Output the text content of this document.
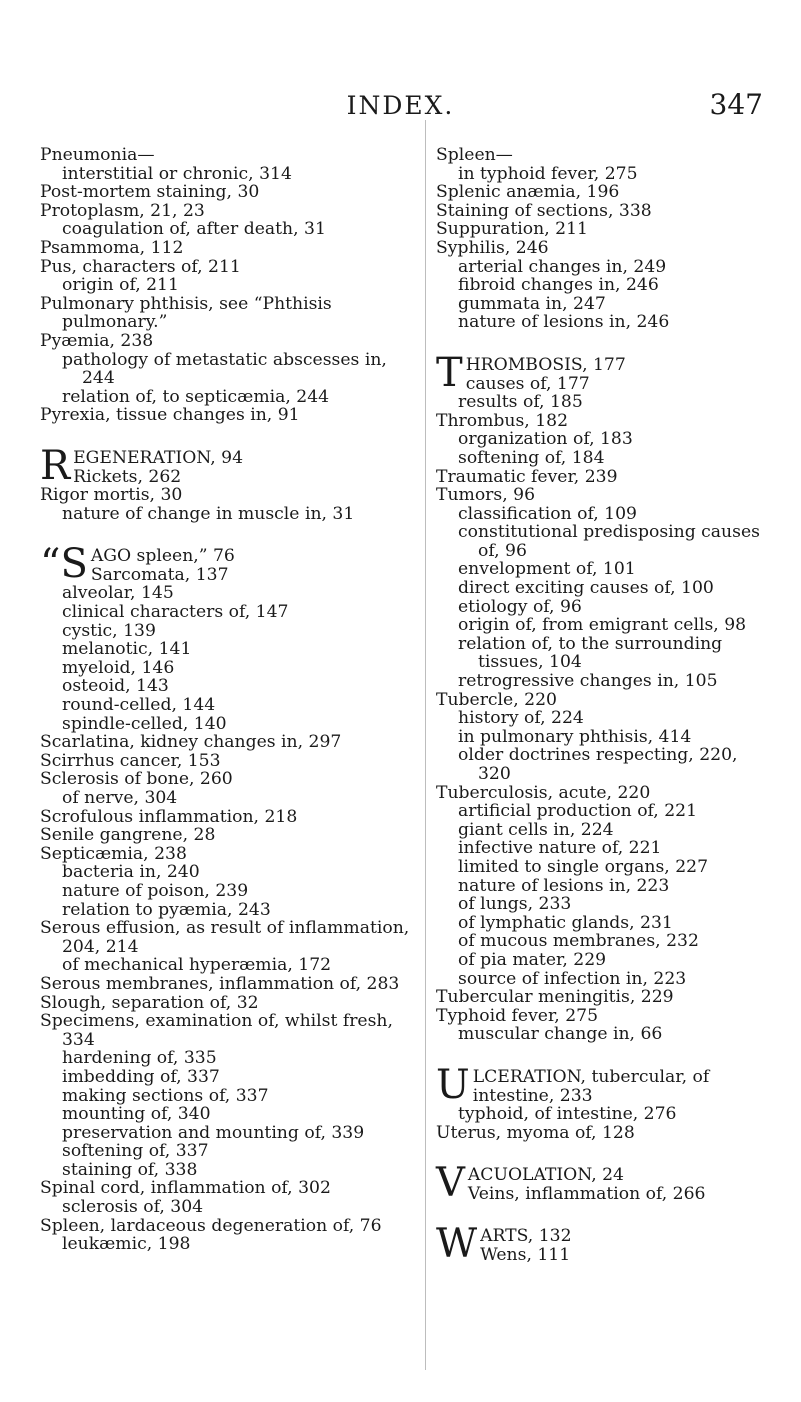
INDEX.	347

Pneumonia—

interstitial or chronic, 314

Post-mortem staining, 30

Protoplasm, 21, 23

coagulation of, after death, 31

Psammoma, 112

Pus, characters of, 211

origin of, 211

Pulmonary phthisis, see “Phthisis pulmonary.”

Pyæmia, 238

pathology of metastatic abscesses in, 244

relation of, to septicæmia, 244

Pyrexia, tissue changes in, 91

R EGENERATION, 94
Rickets, 262

Rigor mortis, 30

nature of change in muscle in, 31

“S AGO spleen,” 76
Sarcomata, 137

alveolar, 145

clinical characters of, 147

cystic, 139

melanotic, 141

myeloid, 146

osteoid, 143

round-celled, 144

spindle-celled, 140

Scarlatina, kidney changes in, 297

Scirrhus cancer, 153

Sclerosis of bone, 260

of nerve, 304

Scrofulous inflammation, 218

Senile gangrene, 28

Septicæmia, 238

bacteria in, 240

nature of poison, 239

relation to pyæmia, 243

Serous effusion, as result of inflammation, 204, 214

of mechanical hyperæmia, 172

Serous membranes, inflammation of, 283

Slough, separation of, 32

Specimens, examination of, whilst fresh, 334

hardening of, 335

imbedding of, 337

making sections of, 337

mounting of, 340

preservation and mounting of, 339

softening of, 337

staining of, 338

Spinal cord, inflammation of, 302

sclerosis of, 304

Spleen, lardaceous degeneration of, 76

leukæmic, 198

Spleen—

in typhoid fever, 275

Splenic anæmia, 196

Staining of sections, 338

Suppuration, 211

Syphilis, 246

arterial changes in, 249

fibroid changes in, 246

gummata in, 247

nature of lesions in, 246

T HROMBOSIS, 177
causes of, 177

results of, 185

Thrombus, 182

organization of, 183

softening of, 184

Traumatic fever, 239

Tumors, 96

classification of, 109

constitutional predisposing causes of, 96

envelopment of, 101

direct exciting causes of, 100

etiology of, 96

origin of, from emigrant cells, 98

relation of, to the surrounding tissues, 104

retrogressive changes in, 105

Tubercle, 220

history of, 224

in pulmonary phthisis, 414

older doctrines respecting, 220, 320

Tuberculosis, acute, 220

artificial production of, 221

giant cells in, 224

infective nature of, 221

limited to single organs, 227

nature of lesions in, 223

of lungs, 233

of lymphatic glands, 231

of mucous membranes, 232

of pia mater, 229

source of infection in, 223

Tubercular meningitis, 229

Typhoid fever, 275

muscular change in, 66

U LCERATION, tubercular, of intestine, 233

typhoid, of intestine, 276

Uterus, myoma of, 128

V ACUOLATION, 24
Veins, inflammation of, 266
W ARTS, 132
Wens, 111
